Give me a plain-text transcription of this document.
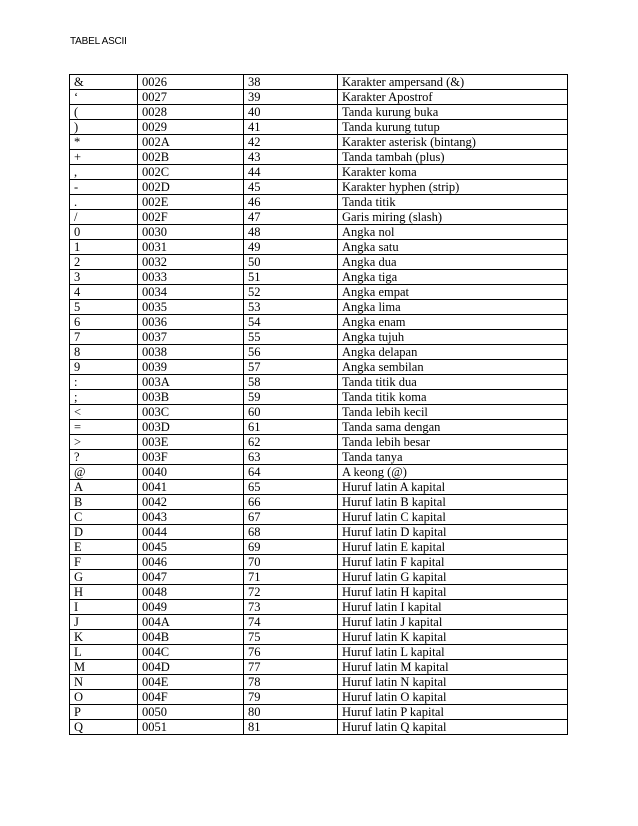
TABEL ASCII
&	0026	38	Karakter ampersand (&)
‘	0027	39	Karakter Apostrof
(	0028	40	Tanda kurung buka
)	0029	41	Tanda kurung tutup
*	002A	42	Karakter asterisk (bintang)
+	002B	43	Tanda tambah (plus)
,	002C	44	Karakter koma
-	002D	45	Karakter hyphen (strip)
.	002E	46	Tanda titik
/	002F	47	Garis miring (slash)
0	0030	48	Angka nol
1	0031	49	Angka satu
2	0032	50	Angka dua
3	0033	51	Angka tiga
4	0034	52	Angka empat
5	0035	53	Angka lima
6	0036	54	Angka enam
7	0037	55	Angka tujuh
8	0038	56	Angka delapan
9	0039	57	Angka sembilan
:	003A	58	Tanda titik dua
;	003B	59	Tanda titik koma
<	003C	60	Tanda lebih kecil
=	003D	61	Tanda sama dengan
>	003E	62	Tanda lebih besar
?	003F	63	Tanda tanya
@	0040	64	A keong (@)
A	0041	65	Huruf latin A kapital
B	0042	66	Huruf latin B kapital
C	0043	67	Huruf latin C kapital
D	0044	68	Huruf latin D kapital
E	0045	69	Huruf latin E kapital
F	0046	70	Huruf latin F kapital
G	0047	71	Huruf latin G kapital
H	0048	72	Huruf latin H kapital
I	0049	73	Huruf latin I kapital
J	004A	74	Huruf latin J kapital
K	004B	75	Huruf latin K kapital
L	004C	76	Huruf latin L kapital
M	004D	77	Huruf latin M kapital
N	004E	78	Huruf latin N kapital
O	004F	79	Huruf latin O kapital
P	0050	80	Huruf latin P kapital
Q	0051	81	Huruf latin Q kapital
